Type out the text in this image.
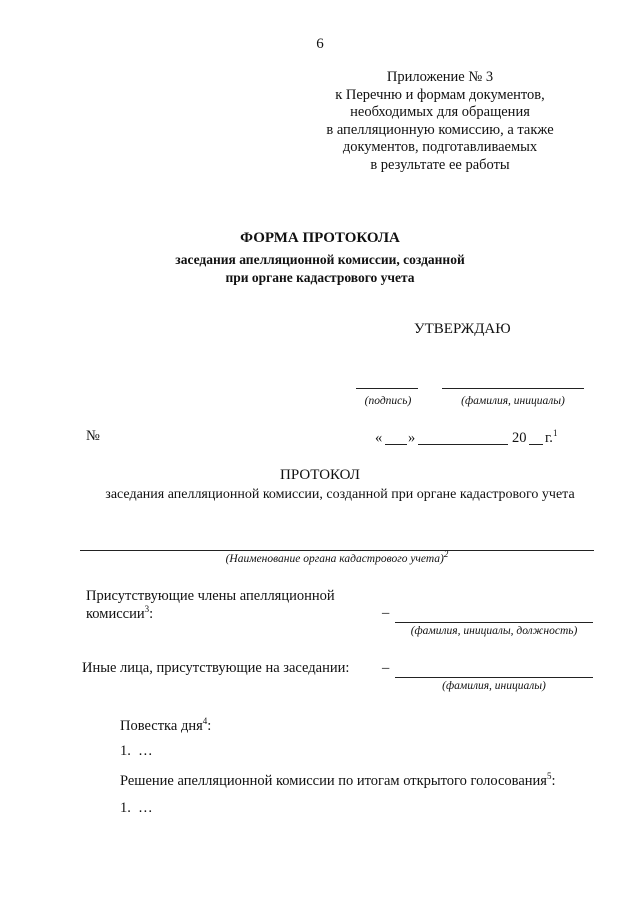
6
Приложение № 3
к Перечню и формам документов,
необходимых для обращения
в апелляционную комиссию, а также
документов, подготавливаемых
в результате ее работы
ФОРМА ПРОТОКОЛА
заседания апелляционной комиссии, созданной
при органе кадастрового учета
УТВЕРЖДАЮ
(подпись)	(фамилия, инициалы)
№	« »	20 г.$^1$
ПРОТОКОЛ
заседания апелляционной комиссии, созданной при органе кадастрового учета
(Наименование органа кадастрового учета)$^2$
Присутствующие члены апелляционной
комиссии$^3$:	–
(фамилия, инициалы, должность)
Иные лица, присутствующие на заседании: –
(фамилия, инициалы)
Повестка дня$^4$:
1.  …
Решение апелляционной комиссии по итогам открытого голосования$^5$:
1.  …
